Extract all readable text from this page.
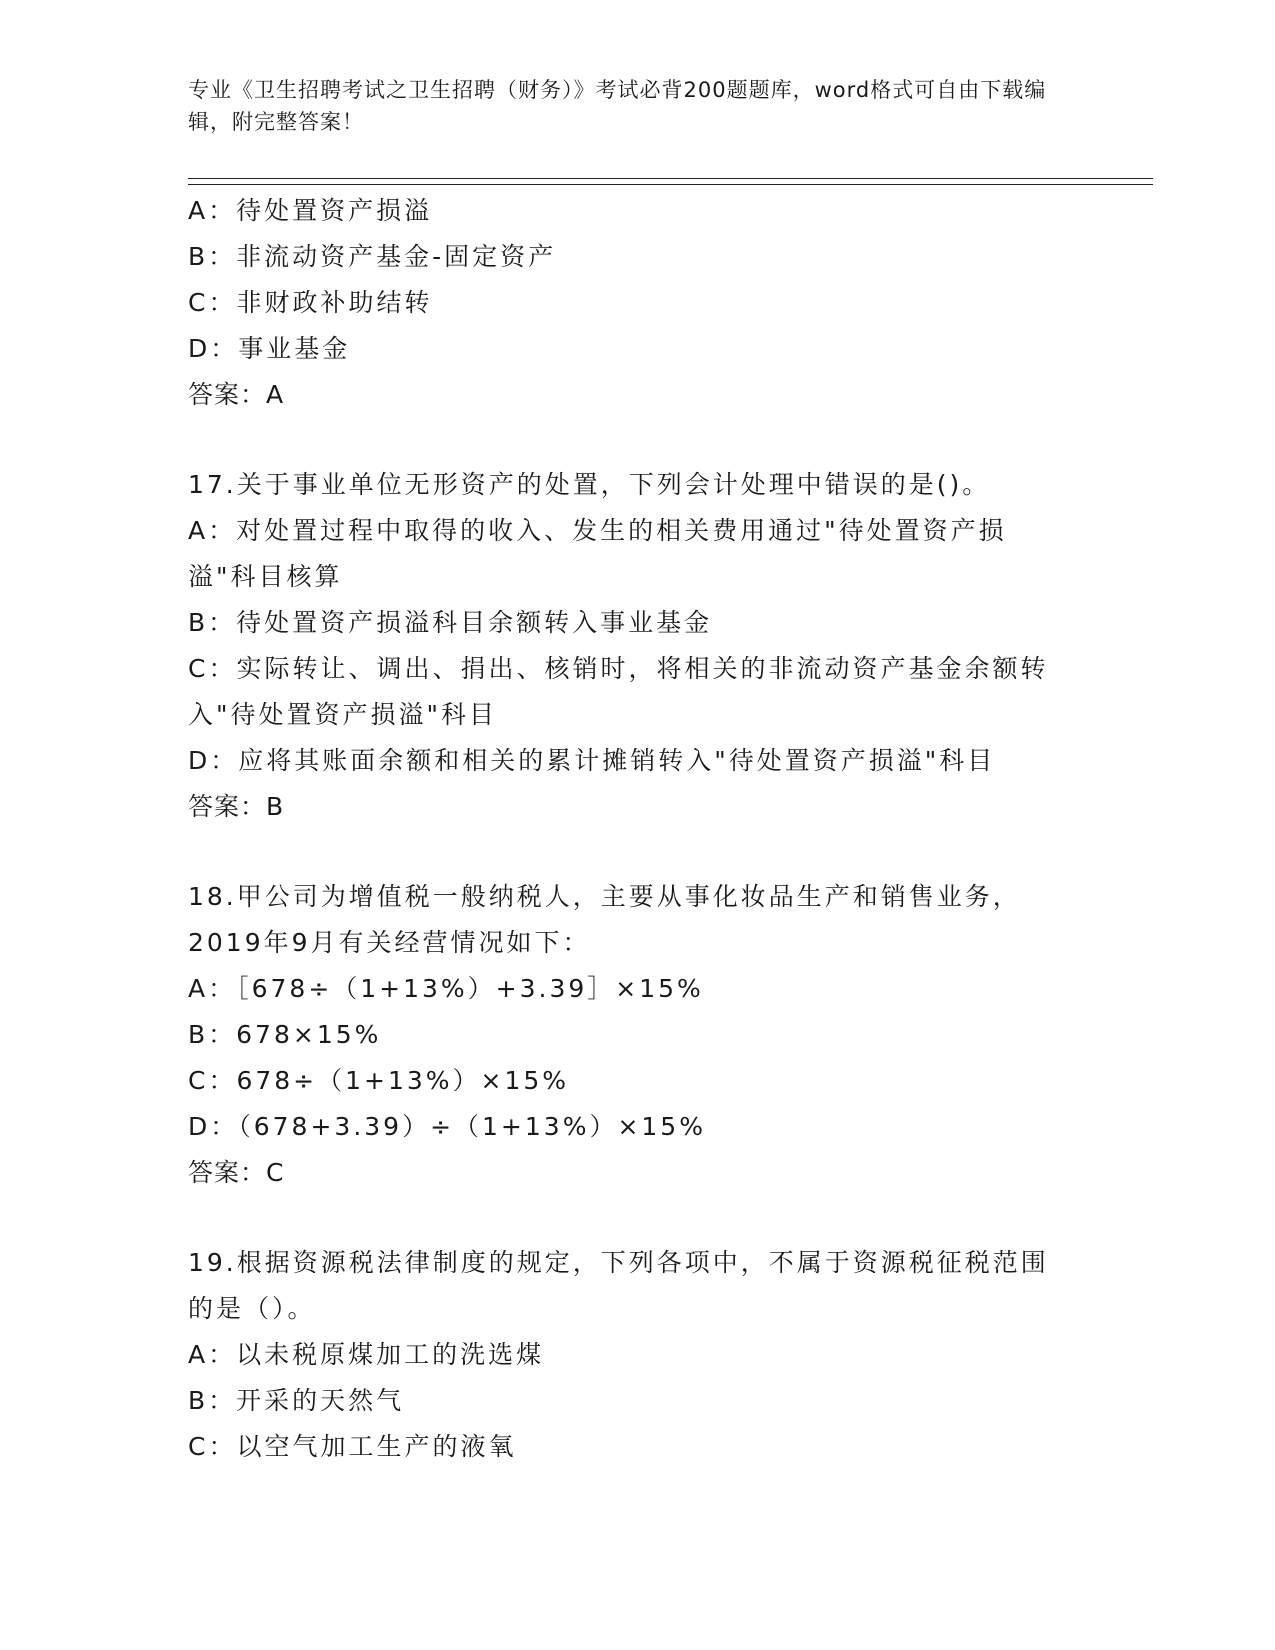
专业《卫生招聘考试之卫生招聘（财务）》考试必背200题题库，word格式可自由下载编辑，附完整答案！
A：待处置资产损溢
B：非流动资产基金-固定资产
C：非财政补助结转
D：事业基金
答案：A
17.关于事业单位无形资产的处置，下列会计处理中错误的是()。
A：对处置过程中取得的收入、发生的相关费用通过"待处置资产损溢"科目核算
B：待处置资产损溢科目余额转入事业基金
C：实际转让、调出、捐出、核销时，将相关的非流动资产基金余额转入"待处置资产损溢"科目
D：应将其账面余额和相关的累计摊销转入"待处置资产损溢"科目
答案：B
18.甲公司为增值税一般纳税人，主要从事化妆品生产和销售业务，2019年9月有关经营情况如下：
A：［678÷（1+13%）+3.39］×15%
B：678×15%
C：678÷（1+13%）×15%
D：（678+3.39）÷（1+13%）×15%
答案：C
19.根据资源税法律制度的规定，下列各项中，不属于资源税征税范围的是（）。
A：以未税原煤加工的洗选煤
B：开采的天然气
C：以空气加工生产的液氧
